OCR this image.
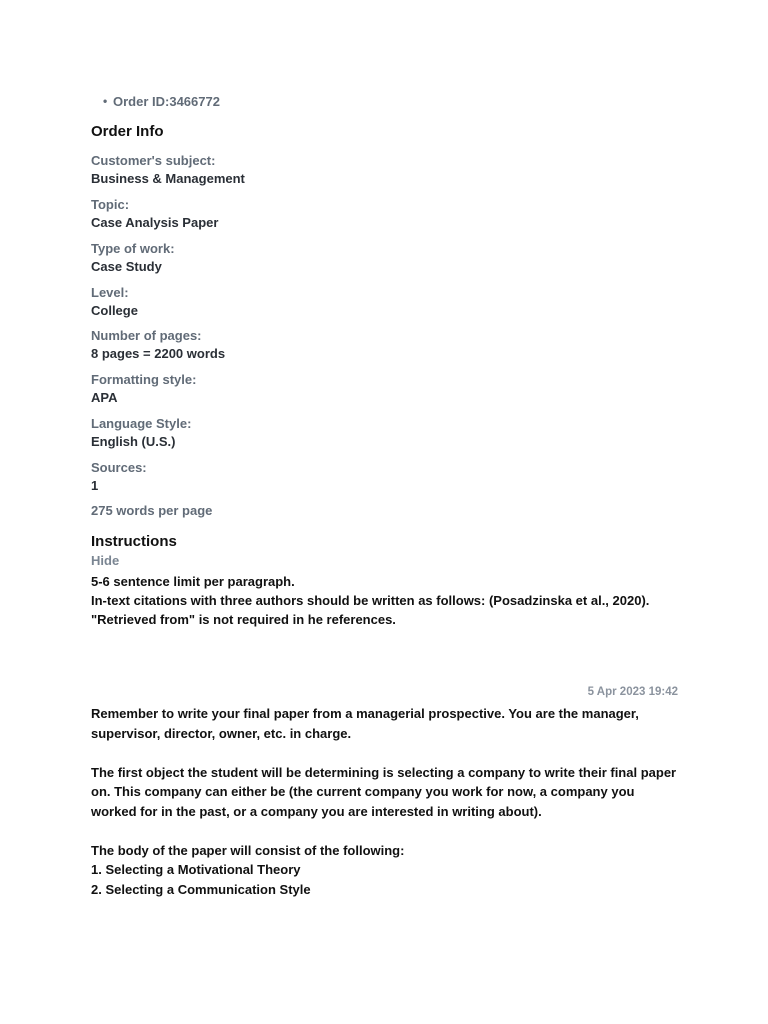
• Order ID:3466772
Order Info
Customer's subject:
Business & Management
Topic:
Case Analysis Paper
Type of work:
Case Study
Level:
College
Number of pages:
8 pages = 2200 words
Formatting style:
APA
Language Style:
English (U.S.)
Sources:
1
275 words per page
Instructions
Hide
5-6 sentence limit per paragraph.
In-text citations with three authors should be written as follows: (Posadzinska et al., 2020).
"Retrieved from" is not required in he references.
5 Apr 2023 19:42

Remember to write your final paper from a managerial prospective. You are the manager, supervisor, director, owner, etc. in charge.

The first object the student will be determining is selecting a company to write their final paper on. This company can either be (the current company you work for now, a company you worked for in the past, or a company you are interested in writing about).

The body of the paper will consist of the following:
1. Selecting a Motivational Theory
2. Selecting a Communication Style
